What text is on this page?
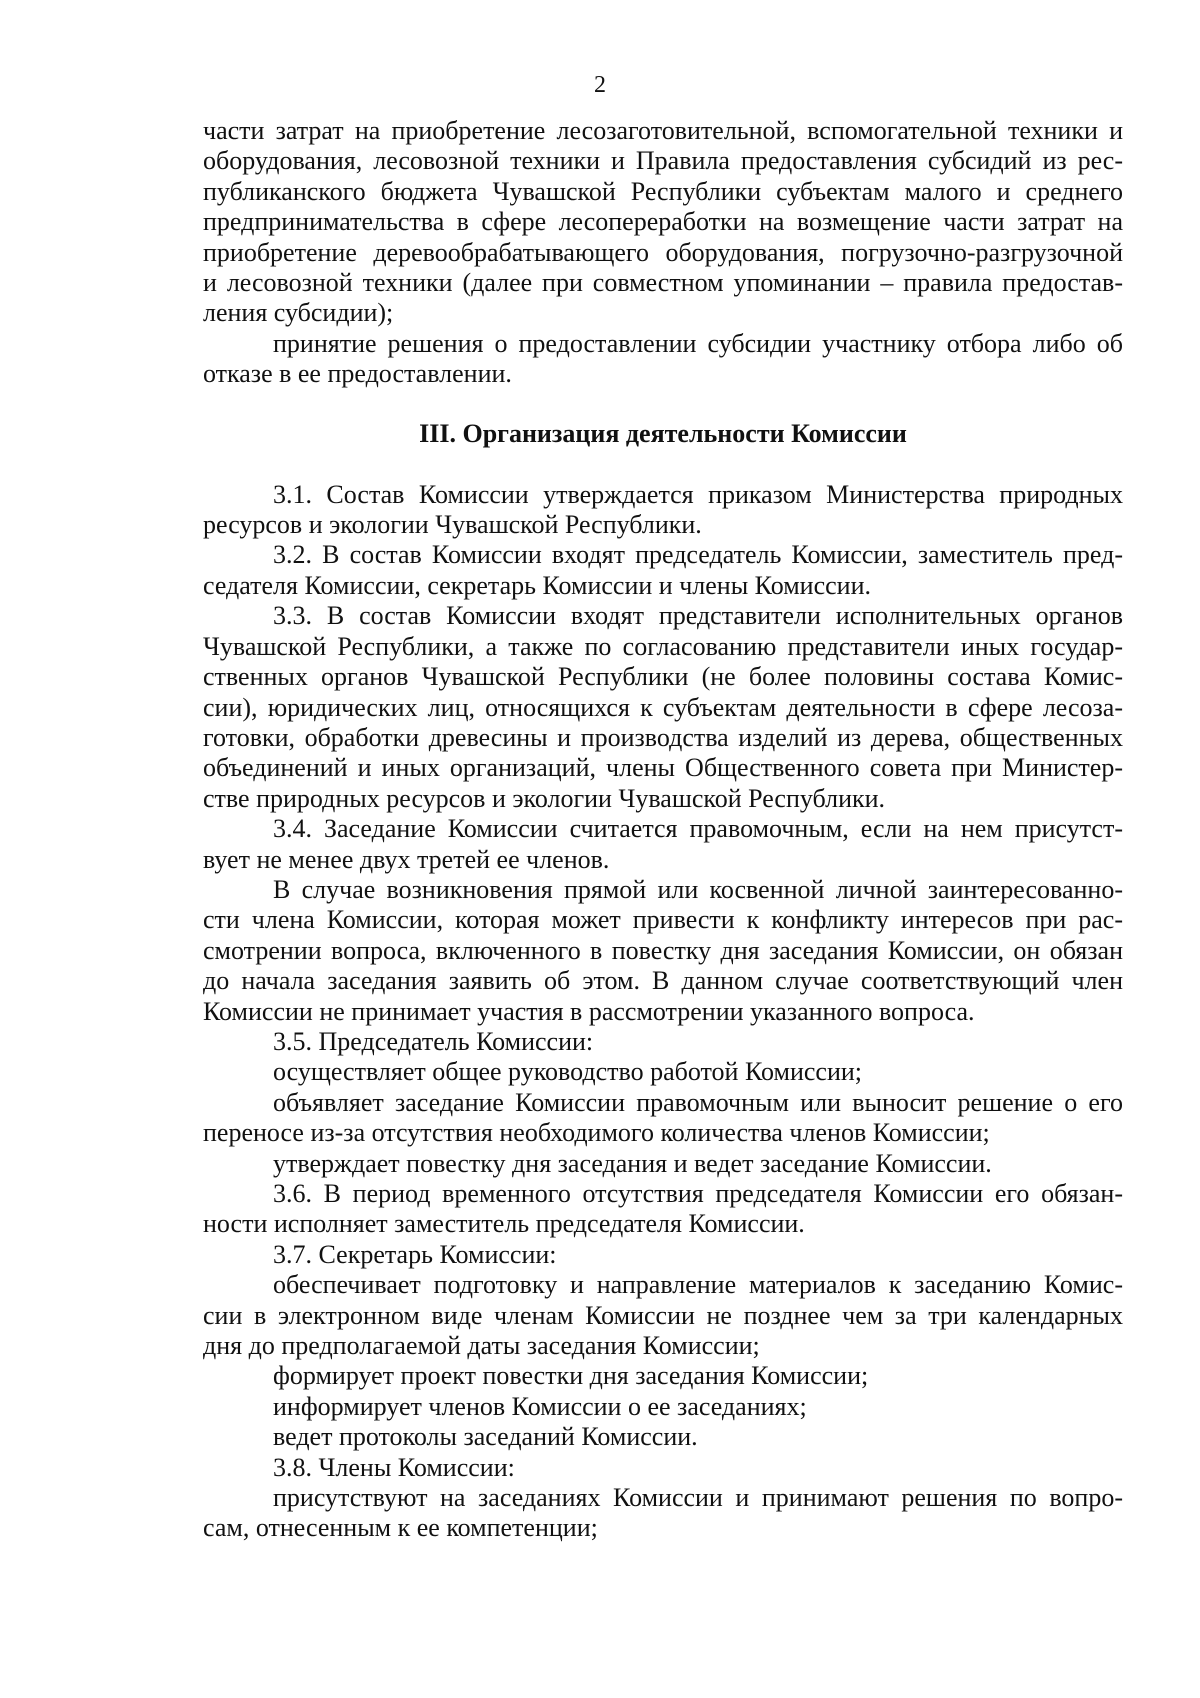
2

части затрат на приобретение лесозаготовительной, вспомогательной техники и

оборудования, лесовозной техники и Правила предоставления субсидий из рес-

публиканского бюджета Чувашской Республики субъектам малого и среднего

предпринимательства в сфере лесопереработки на возмещение части затрат на

приобретение деревообрабатывающего оборудования, погрузочно-разгрузочной

и лесовозной техники (далее при совместном упоминании – правила предостав-

ления субсидии);

принятие решения о предоставлении субсидии участнику отбора либо об

отказе в ее предоставлении.

III. Организация деятельности Комиссии

3.1. Состав Комиссии утверждается приказом Министерства природных

ресурсов и экологии Чувашской Республики.

3.2. В состав Комиссии входят председатель Комиссии, заместитель пред-

седателя Комиссии, секретарь Комиссии и члены Комиссии.

3.3. В состав Комиссии входят представители исполнительных органов

Чувашской Республики, а также по согласованию представители иных государ-

ственных органов Чувашской Республики (не более половины состава Комис-

сии), юридических лиц, относящихся к субъектам деятельности в сфере лесоза-

готовки, обработки древесины и производства изделий из дерева, общественных

объединений и иных организаций, члены Общественного совета при Министер-

стве природных ресурсов и экологии Чувашской Республики.

3.4. Заседание Комиссии считается правомочным, если на нем присутст-

вует не менее двух третей ее членов.

В случае возникновения прямой или косвенной личной заинтересованно-

сти члена Комиссии, которая может привести к конфликту интересов при рас-

смотрении вопроса, включенного в повестку дня заседания Комиссии, он обязан

до начала заседания заявить об этом. В данном случае соответствующий член

Комиссии не принимает участия в рассмотрении указанного вопроса.

3.5. Председатель Комиссии:

осуществляет общее руководство работой Комиссии;

объявляет заседание Комиссии правомочным или выносит решение о его

переносе из-за отсутствия необходимого количества членов Комиссии;

утверждает повестку дня заседания и ведет заседание Комиссии.

3.6. В период временного отсутствия председателя Комиссии его обязан-

ности исполняет заместитель председателя Комиссии.

3.7. Секретарь Комиссии:

обеспечивает подготовку и направление материалов к заседанию Комис-

сии в электронном виде членам Комиссии не позднее чем за три календарных

дня до предполагаемой даты заседания Комиссии;

формирует проект повестки дня заседания Комиссии;

информирует членов Комиссии о ее заседаниях;

ведет протоколы заседаний Комиссии.

3.8. Члены Комиссии:

присутствуют на заседаниях Комиссии и принимают решения по вопро-

сам, отнесенным к ее компетенции;
